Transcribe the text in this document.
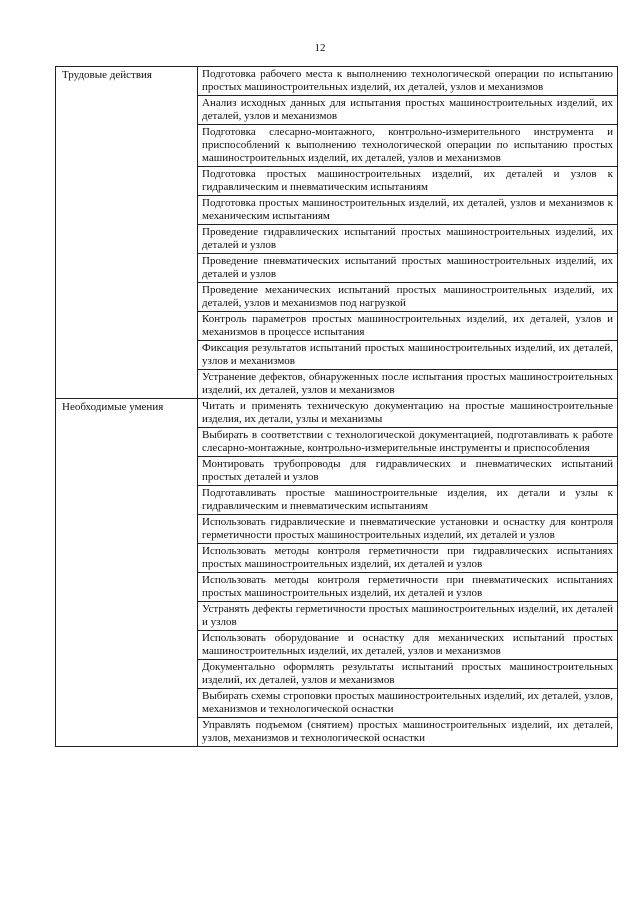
12
Трудовые действия	Подготовка рабочего места к выполнению технологической операции по испытанию простых машиностроительных изделий, их деталей, узлов и механизмов
	Анализ исходных данных для испытания простых машиностроительных изделий, их деталей, узлов и механизмов
	Подготовка слесарно-монтажного, контрольно-измерительного инструмента и приспособлений к выполнению технологической операции по испытанию простых машиностроительных изделий, их деталей, узлов и механизмов
	Подготовка простых машиностроительных изделий, их деталей и узлов к гидравлическим и пневматическим испытаниям
	Подготовка простых машиностроительных изделий, их деталей, узлов и механизмов к механическим испытаниям
	Проведение гидравлических испытаний простых машиностроительных изделий, их деталей и узлов
	Проведение пневматических испытаний простых машиностроительных изделий, их деталей и узлов
	Проведение механических испытаний простых машиностроительных изделий, их деталей, узлов и механизмов под нагрузкой
	Контроль параметров простых машиностроительных изделий, их деталей, узлов и механизмов в процессе испытания
	Фиксация результатов испытаний простых машиностроительных изделий, их деталей, узлов и механизмов
	Устранение дефектов, обнаруженных после испытания простых машиностроительных изделий, их деталей, узлов и механизмов
Необходимые умения	Читать и применять техническую документацию на простые машиностроительные изделия, их детали, узлы и механизмы
	Выбирать в соответствии с технологической документацией, подготавливать к работе слесарно-монтажные, контрольно-измерительные инструменты и приспособления
	Монтировать трубопроводы для гидравлических и пневматических испытаний простых деталей и узлов
	Подготавливать простые машиностроительные изделия, их детали и узлы к гидравлическим и пневматическим испытаниям
	Использовать гидравлические и пневматические установки и оснастку для контроля герметичности простых машиностроительных изделий, их деталей и узлов
	Использовать методы контроля герметичности при гидравлических испытаниях простых машиностроительных изделий, их деталей и узлов
	Использовать методы контроля герметичности при пневматических испытаниях простых машиностроительных изделий, их деталей и узлов
	Устранять дефекты герметичности простых машиностроительных изделий, их деталей и узлов
	Использовать оборудование и оснастку для механических испытаний простых машиностроительных изделий, их деталей, узлов и механизмов
	Документально оформлять результаты испытаний простых машиностроительных изделий, их деталей, узлов и механизмов
	Выбирать схемы строповки простых машиностроительных изделий, их деталей, узлов, механизмов и технологической оснастки
	Управлять подъемом (снятием) простых машиностроительных изделий, их деталей, узлов, механизмов и технологической оснастки
